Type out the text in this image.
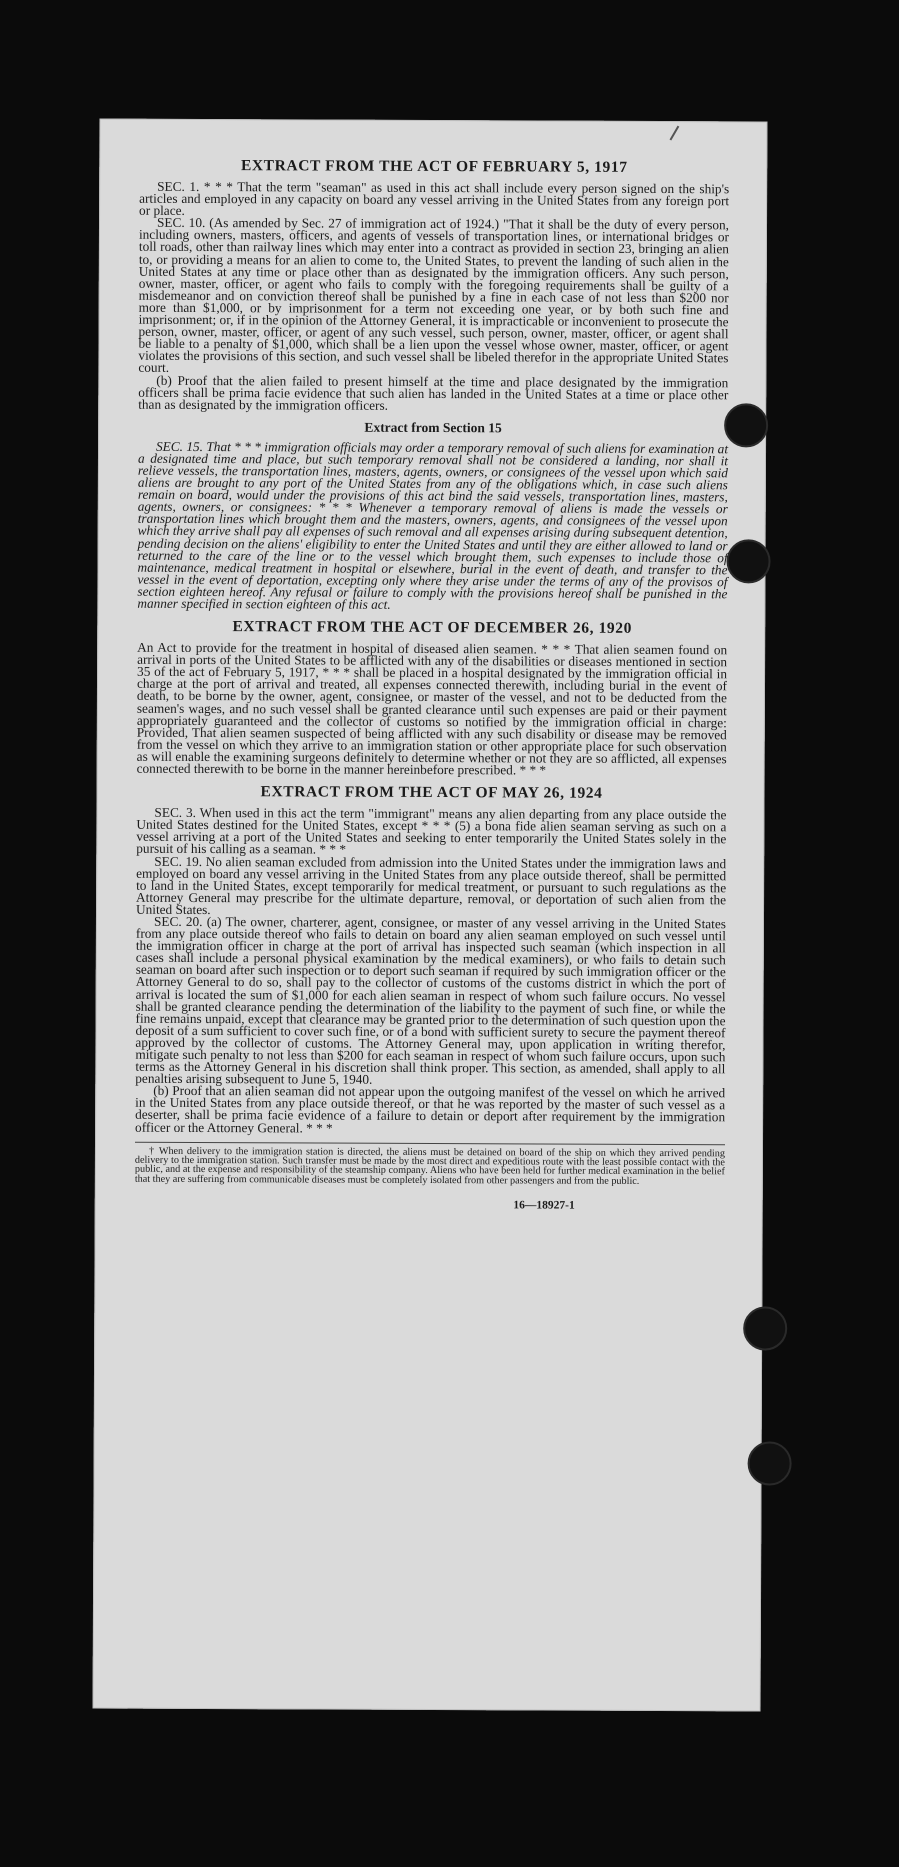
EXTRACT FROM THE ACT OF FEBRUARY 5, 1917

SEC. 1. * * * That the term "seaman" as used in this act shall include every person signed on the ship's articles and employed in any capacity on board any vessel arriving in the United States from any foreign port or place.

SEC. 10. (As amended by Sec. 27 of immigration act of 1924.) "That it shall be the duty of every person, including owners, masters, officers, and agents of vessels of transportation lines, or international bridges or toll roads, other than railway lines which may enter into a contract as provided in section 23, bringing an alien to, or providing a means for an alien to come to, the United States, to prevent the landing of such alien in the United States at any time or place other than as designated by the immigration officers. Any such person, owner, master, officer, or agent who fails to comply with the foregoing requirements shall be guilty of a misdemeanor and on conviction thereof shall be punished by a fine in each case of not less than $200 nor more than $1,000, or by imprisonment for a term not exceeding one year, or by both such fine and imprisonment; or, if in the opinion of the Attorney General, it is impracticable or inconvenient to prosecute the person, owner, master, officer, or agent of any such vessel, such person, owner, master, officer, or agent shall be liable to a penalty of $1,000, which shall be a lien upon the vessel whose owner, master, officer, or agent violates the provisions of this section, and such vessel shall be libeled therefor in the appropriate United States court.

(b) Proof that the alien failed to present himself at the time and place designated by the immigration officers shall be prima facie evidence that such alien has landed in the United States at a time or place other than as designated by the immigration officers.

Extract from Section 15

SEC. 15. That * * * immigration officials may order a temporary removal of such aliens for examination at a designated time and place, but such temporary removal shall not be considered a landing, nor shall it relieve vessels, the transportation lines, masters, agents, owners, or consignees of the vessel upon which said aliens are brought to any port of the United States from any of the obligations which, in case such aliens remain on board, would under the provisions of this act bind the said vessels, transportation lines, masters, agents, owners, or consignees: * * * Whenever a temporary removal of aliens is made the vessels or transportation lines which brought them and the masters, owners, agents, and consignees of the vessel upon which they arrive shall pay all expenses of such removal and all expenses arising during subsequent detention, pending decision on the aliens' eligibility to enter the United States and until they are either allowed to land or returned to the care of the line or to the vessel which brought them, such expenses to include those of maintenance, medical treatment in hospital or elsewhere, burial in the event of death, and transfer to the vessel in the event of deportation, excepting only where they arise under the terms of any of the provisos of section eighteen hereof. Any refusal or failure to comply with the provisions hereof shall be punished in the manner specified in section eighteen of this act.

EXTRACT FROM THE ACT OF DECEMBER 26, 1920

An Act to provide for the treatment in hospital of diseased alien seamen. * * * That alien seamen found on arrival in ports of the United States to be afflicted with any of the disabilities or diseases mentioned in section 35 of the act of February 5, 1917, * * * shall be placed in a hospital designated by the immigration official in charge at the port of arrival and treated, all expenses connected therewith, including burial in the event of death, to be borne by the owner, agent, consignee, or master of the vessel, and not to be deducted from the seamen's wages, and no such vessel shall be granted clearance until such expenses are paid or their payment appropriately guaranteed and the collector of customs so notified by the immigration official in charge: Provided, That alien seamen suspected of being afflicted with any such disability or disease may be removed from the vessel on which they arrive to an immigration station or other appropriate place for such observation as will enable the examining surgeons definitely to determine whether or not they are so afflicted, all expenses connected therewith to be borne in the manner hereinbefore prescribed. * * *

EXTRACT FROM THE ACT OF MAY 26, 1924

SEC. 3. When used in this act the term "immigrant" means any alien departing from any place outside the United States destined for the United States, except * * * (5) a bona fide alien seaman serving as such on a vessel arriving at a port of the United States and seeking to enter temporarily the United States solely in the pursuit of his calling as a seaman. * * *

SEC. 19. No alien seaman excluded from admission into the United States under the immigration laws and employed on board any vessel arriving in the United States from any place outside thereof, shall be permitted to land in the United States, except temporarily for medical treatment, or pursuant to such regulations as the Attorney General may prescribe for the ultimate departure, removal, or deportation of such alien from the United States.

SEC. 20. (a) The owner, charterer, agent, consignee, or master of any vessel arriving in the United States from any place outside thereof who fails to detain on board any alien seaman employed on such vessel until the immigration officer in charge at the port of arrival has inspected such seaman (which inspection in all cases shall include a personal physical examination by the medical examiners), or who fails to detain such seaman on board after such inspection or to deport such seaman if required by such immigration officer or the Attorney General to do so, shall pay to the collector of customs of the customs district in which the port of arrival is located the sum of $1,000 for each alien seaman in respect of whom such failure occurs. No vessel shall be granted clearance pending the determination of the liability to the payment of such fine, or while the fine remains unpaid, except that clearance may be granted prior to the determination of such question upon the deposit of a sum sufficient to cover such fine, or of a bond with sufficient surety to secure the payment thereof approved by the collector of customs. The Attorney General may, upon application in writing therefor, mitigate such penalty to not less than $200 for each seaman in respect of whom such failure occurs, upon such terms as the Attorney General in his discretion shall think proper. This section, as amended, shall apply to all penalties arising subsequent to June 5, 1940.

(b) Proof that an alien seaman did not appear upon the outgoing manifest of the vessel on which he arrived in the United States from any place outside thereof, or that he was reported by the master of such vessel as a deserter, shall be prima facie evidence of a failure to detain or deport after requirement by the immigration officer or the Attorney General. * * *

† When delivery to the immigration station is directed, the aliens must be detained on board of the ship on which they arrived pending delivery to the immigration station. Such transfer must be made by the most direct and expeditious route with the least possible contact with the public, and at the expense and responsibility of the steamship company. Aliens who have been held for further medical examination in the belief that they are suffering from communicable diseases must be completely isolated from other passengers and from the public.

16—18927-1
